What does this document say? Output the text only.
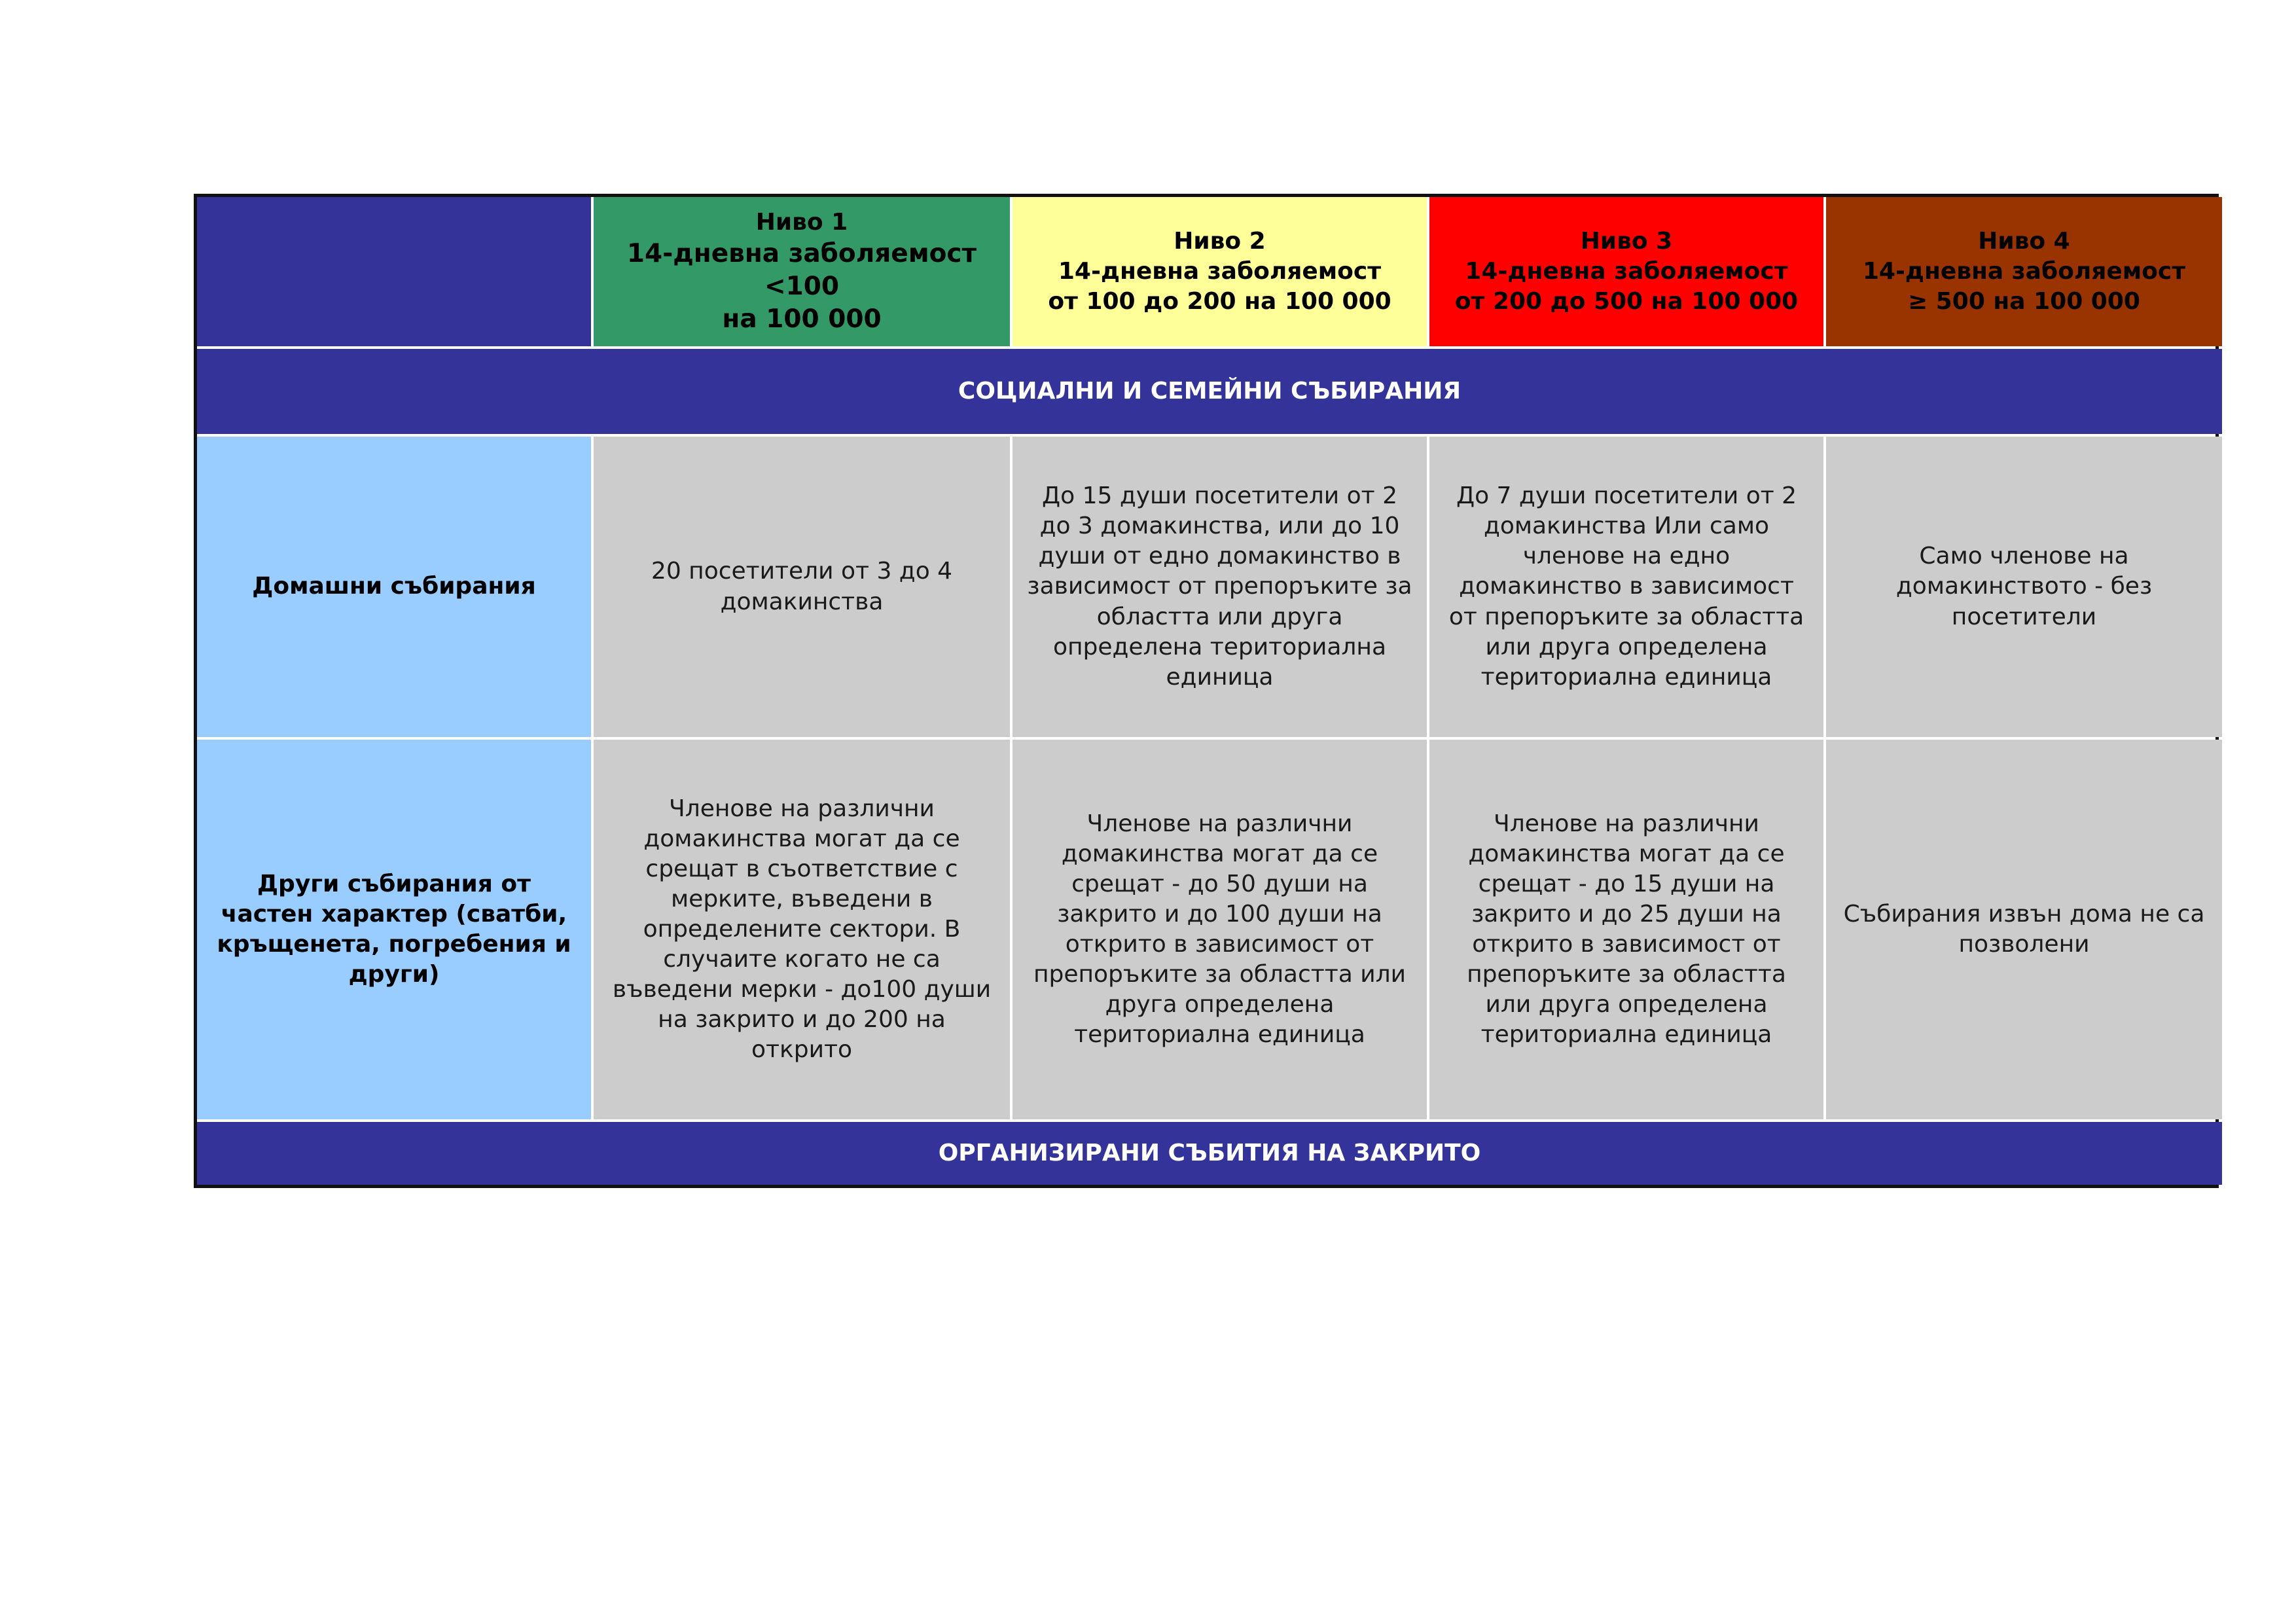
Ниво 1
14-дневна заболяемост <100
на 100 000
Ниво 2
14-дневна заболяемост
от 100 до 200 на 100 000
Ниво 3
14-дневна заболяемост
от 200 до 500 на 100 000
Ниво 4
14-дневна заболяемост
≥ 500 на 100 000
СОЦИАЛНИ И СЕМЕЙНИ СЪБИРАНИЯ
Домашни събирания
20 посетители от 3 до 4 домакинства
До 15 души посетители от 2 до 3 домакинства, или до 10 души от едно домакинство в зависимост от препоръките за областта или друга определена териториална единица
До 7 души посетители от 2 домакинства Или само членове на едно домакинство в зависимост от препоръките за областта или друга определена териториална единица
Само членове на домакинството - без посетители
Други събирания от частен характер (сватби, кръщенета, погребения и други)
Членове на различни домакинства могат да се срещат в съответствие с мерките, въведени в определените сектори. В случаите когато не са въведени мерки - до100 души на закрито и до 200 на открито
Членове на различни домакинства могат да се срещат - до 50 души на закрито и до 100 души на открито в зависимост от препоръките за областта или друга определена териториална единица
Членове на различни домакинства могат да се срещат - до 15 души на закрито и до 25 души на открито в зависимост от препоръките за областта или друга определена териториална единица
Събирания извън дома не са позволени
ОРГАНИЗИРАНИ СЪБИТИЯ НА ЗАКРИТО
